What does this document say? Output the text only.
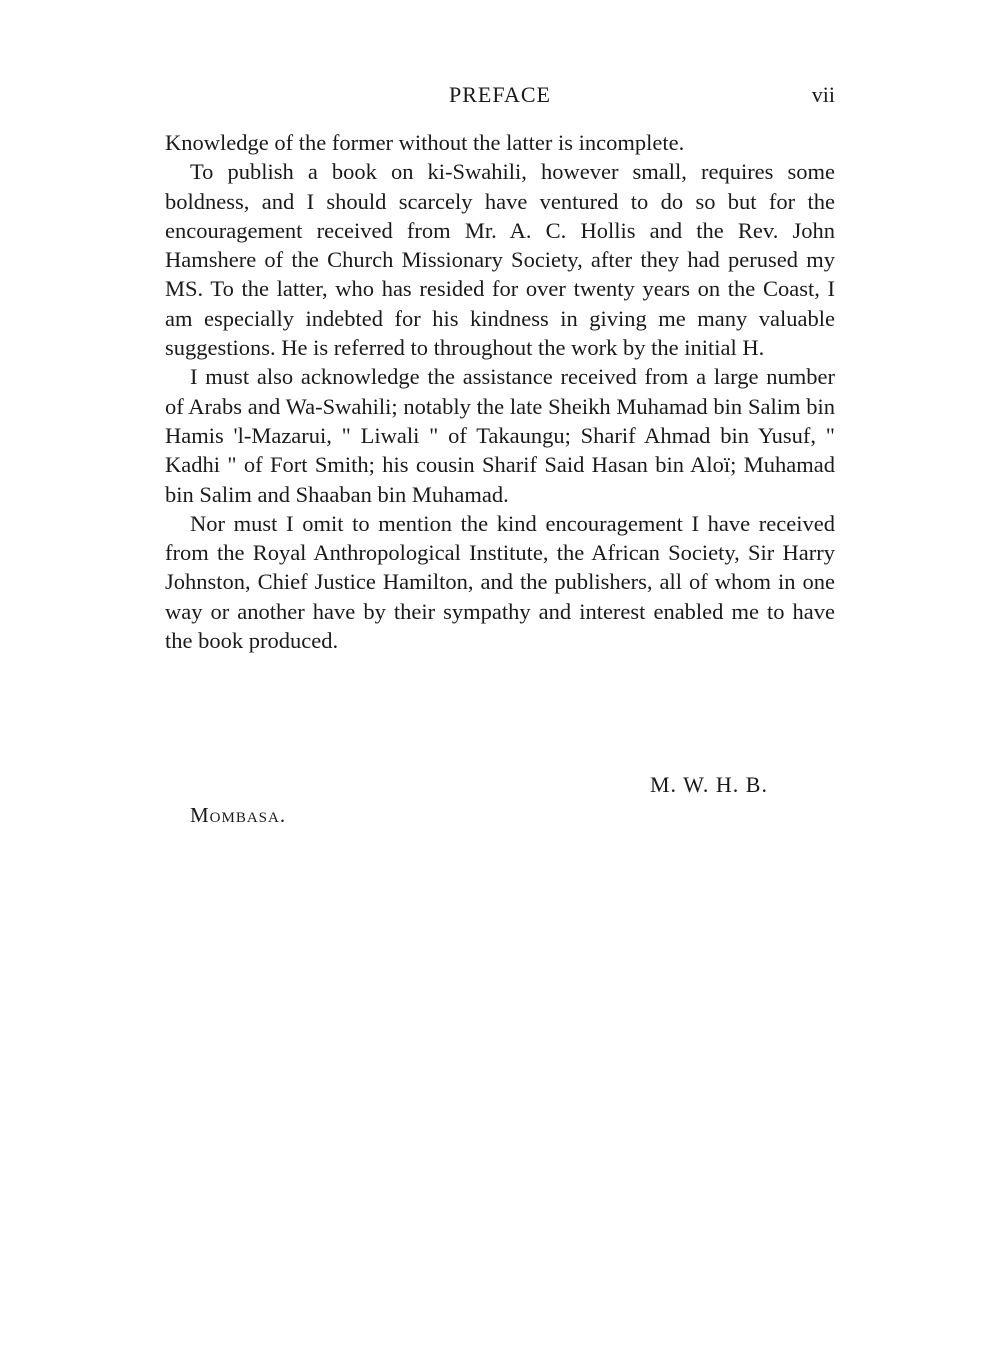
PREFACE	vii

Knowledge of the former without the latter is incomplete.

To publish a book on ki-Swahili, however small, requires some boldness, and I should scarcely have ventured to do so but for the encouragement received from Mr. A. C. Hollis and the Rev. John Hamshere of the Church Missionary Society, after they had perused my MS. To the latter, who has resided for over twenty years on the Coast, I am especially indebted for his kindness in giving me many valuable suggestions. He is referred to throughout the work by the initial H.

I must also acknowledge the assistance received from a large number of Arabs and Wa-Swahili; notably the late Sheikh Muhamad bin Salim bin Hamis 'l-Mazarui, " Liwali " of Takaungu; Sharif Ahmad bin Yusuf, " Kadhi " of Fort Smith; his cousin Sharif Said Hasan bin Aloï; Muhamad bin Salim and Shaaban bin Muhamad.

Nor must I omit to mention the kind encouragement I have received from the Royal Anthropological Institute, the African Society, Sir Harry Johnston, Chief Justice Hamilton, and the publishers, all of whom in one way or another have by their sympathy and interest enabled me to have the book produced.

M. W. H. B.
Mombasa.
